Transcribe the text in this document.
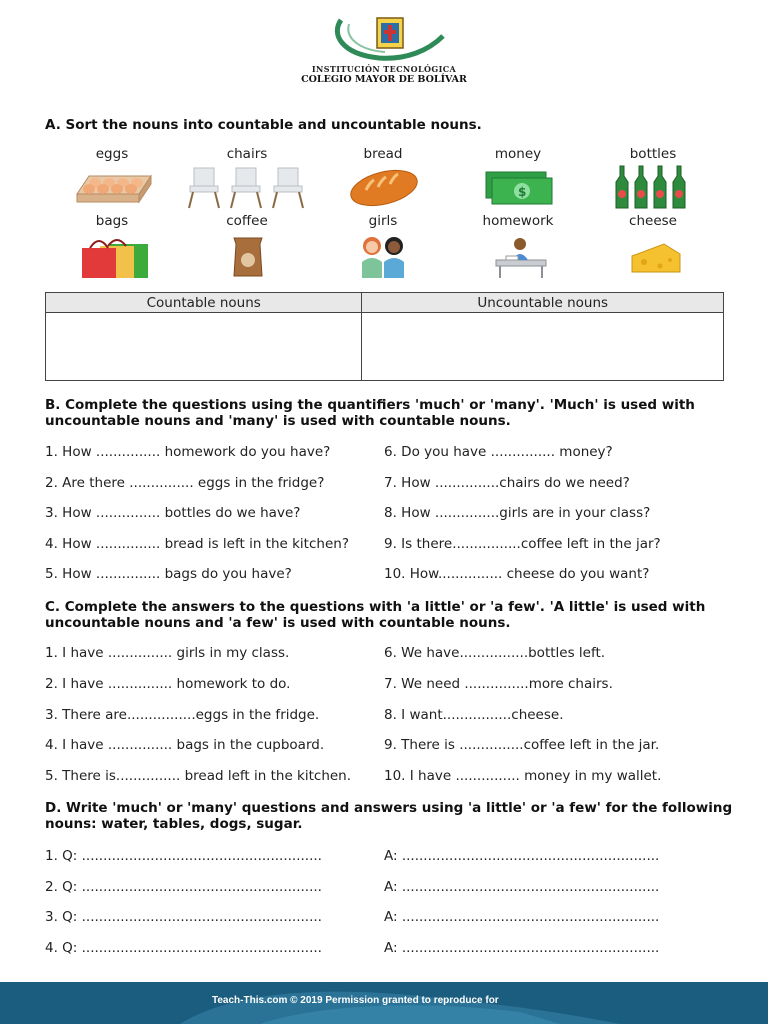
INSTITUCIÓN TECNOLÓGICA
COLEGIO MAYOR DE BOLÍVAR
A. Sort the nouns into countable and uncountable nouns.
eggs	chairs	bread	money	bottles
bags	coffee	girls	homework	cheese
$
Countable nouns	Uncountable nouns

B. Complete the questions using the quantifiers 'much' or 'many'. 'Much' is used with uncountable nouns and 'many' is used with countable nouns.
1. How ............... homework do you have?
2. Are there ............... eggs in the fridge?
3. How ............... bottles do we have?
4. How ............... bread is left in the kitchen?
5. How ............... bags do you have?
6. Do you have ............... money?
7. How ...............chairs do we need?
8. How ...............girls are in your class?
9. Is there................coffee left in the jar?
10. How............... cheese do you want?
C. Complete the answers to the questions with 'a little' or 'a few'. 'A little' is used with uncountable nouns and 'a few' is used with countable nouns.
1. I have ............... girls in my class.
2. I have ............... homework to do.
3. There are................eggs in the fridge.
4. I have ............... bags in the cupboard.
5. There is............... bread left in the kitchen.
6. We have................bottles left.
7. We need ...............more chairs.
8. I want................cheese.
9. There is ...............coffee left in the jar.
10. I have ............... money in my wallet.
D. Write 'much' or 'many' questions and answers using 'a little' or 'a few' for the following nouns: water, tables, dogs, sugar.
1. Q: ........................................................
2. Q: ........................................................
3. Q: ........................................................
4. Q: ........................................................
A: ............................................................
A: ............................................................
A: ............................................................
A: ............................................................
Teach-This.com © 2019 Permission granted to reproduce for
